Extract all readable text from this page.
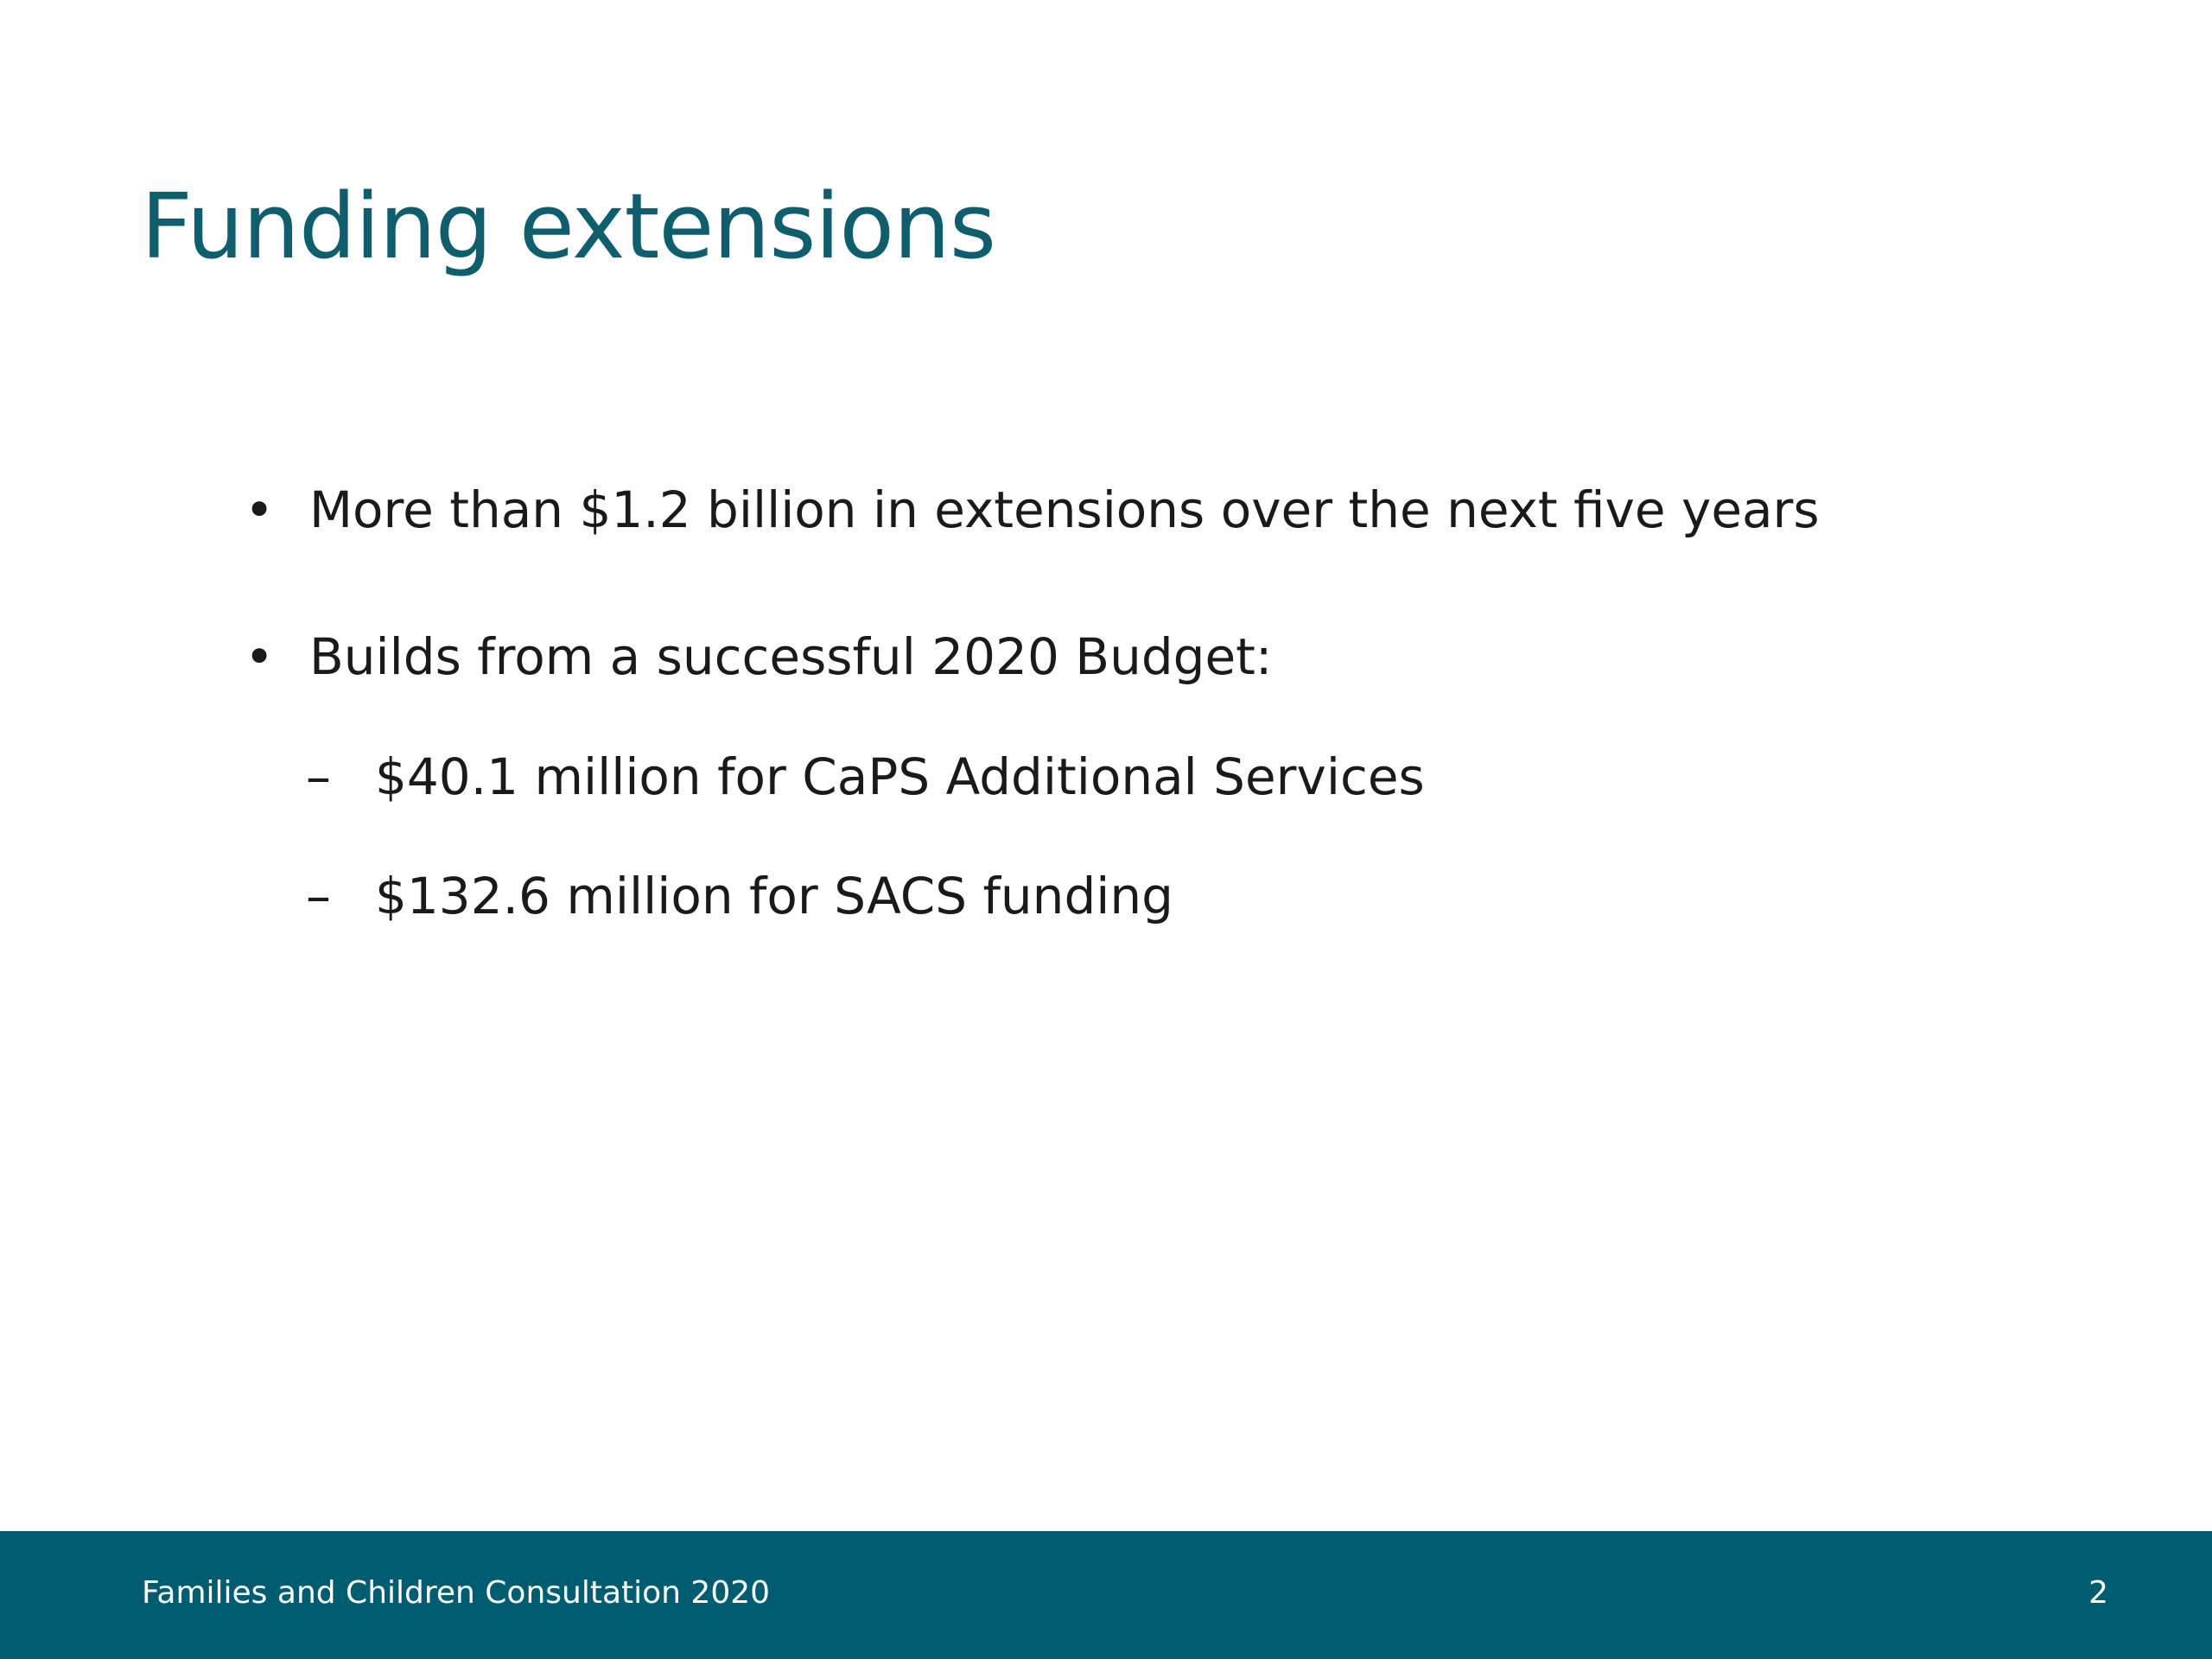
Funding extensions
• More than $1.2 billion in extensions over the next five years
• Builds from a successful 2020 Budget:
– $40.1 million for CaPS Additional Services
– $132.6 million for SACS funding
Families and Children Consultation 2020	2
